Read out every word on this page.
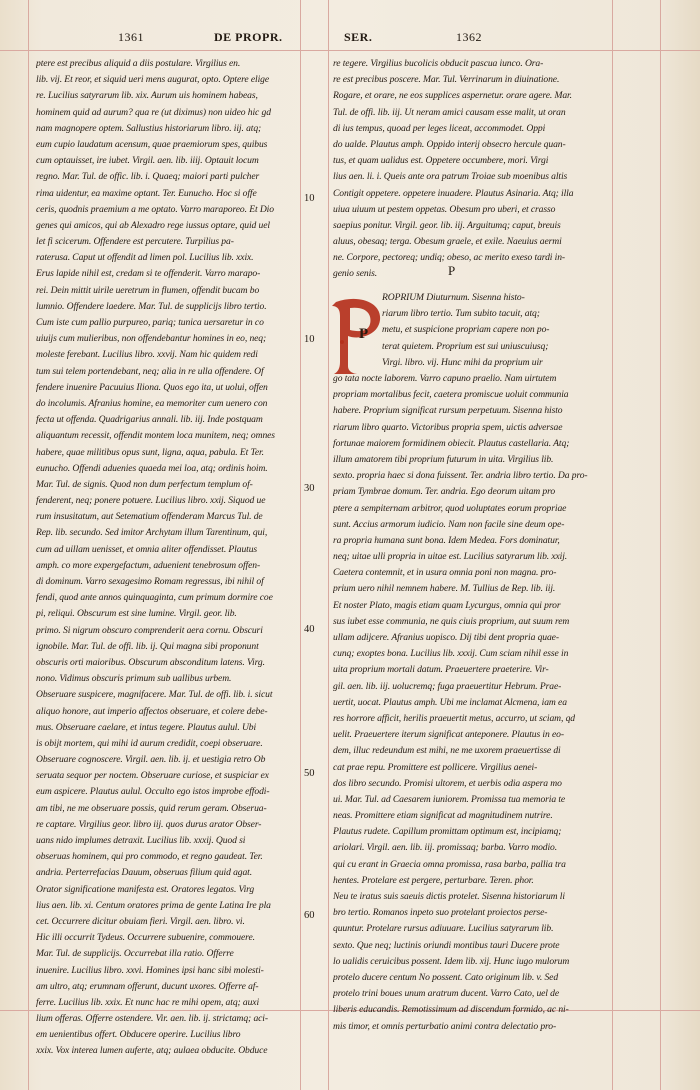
1361	DE PROPR.	SER.	1362
10
10
30
40
50
60
ptere est precibus aliquid a diis postulare. Virgilius en.
lib. vij. Et reor, et siquid ueri mens augurat, opto. Optere elige
re. Lucilius satyrarum lib. xix. Aurum uis hominem habeas,
hominem quid ad aurum? qua re (ut diximus) non uideo hic gd
nam magnopere optem. Sallustius historiarum libro. iij. atq;
eum cupio laudatum acensum, quae praemiorum spes, quibus
cum optauisset, ire iubet. Virgil. aen. lib. iiij. Optauit locum
regno. Mar. Tul. de offic. lib. i. Quaeq; maiori parti pulcher
rima uidentur, ea maxime optant. Ter. Eunucho. Hoc si offe
ceris, quodnis praemium a me optato. Varro maraporeo. Et Dio
genes qui amicos, qui ab Alexadro rege iussus optare, quid uel
let fi scicerum. Offendere est percutere. Turpilius pa-
raterusa. Caput ut offendit ad limen pol. Lucilius lib. xxix.
Erus lapide nihil est, credam si te offenderit. Varro marapo-
rei. Dein mittit uirile ueretrum in flumen, offendit bucam bo
lumnio. Offendere laedere. Mar. Tul. de supplicijs libro tertio.
Cum iste cum pallio purpureo, pariq; tunica uersaretur in co
uiuijs cum mulieribus, non offendebantur homines in eo, neq;
moleste ferebant. Lucilius libro. xxvij. Nam hic quidem redi
tum sui telem portendebant, neq; alia in re ulla offendere. Of
fendere inuenire Pacuuius Iliona. Quos ego ita, ut uolui, offen
do incolumis. Afranius homine, ea memoriter cum uenero con
fecta ut offenda. Quadrigarius annali. lib. iij. Inde postquam
aliquantum recessit, offendit montem loca munitem, neq; omnes
habere, quae militibus opus sunt, ligna, aqua, pabula. Et Ter.
eunucho. Offendi aduenies quaeda mei loa, atq; ordinis hoim.
Mar. Tul. de signis. Quod non dum perfectum templum of-
fenderent, neq; ponere potuere. Lucilius libro. xxij. Siquod ue
rum insusitatum, aut Setematium offenderam Marcus Tul. de
Rep. lib. secundo. Sed imitor Archytam illum Tarentinum, qui,
cum ad uillam uenisset, et omnia aliter offendisset. Plautus
amph. co more expergefactum, aduenient tenebrosum offen-
di dominum. Varro sexagesimo Romam regressus, ibi nihil of
fendi, quod ante annos quinquaginta, cum primum dormire coe
pi, reliqui. Obscurum est sine lumine. Virgil. geor. lib.
primo. Si nigrum obscuro comprenderit aera cornu. Obscuri
ignobile. Mar. Tul. de offi. lib. ij. Qui magna sibi proponunt
obscuris orti maioribus. Obscurum absconditum latens. Virg.
nono. Vidimus obscuris primum sub uallibus urbem.
Obseruare suspicere, magnifacere. Mar. Tul. de offi. lib. i. sicut
aliquo honore, aut imperio affectos obseruare, et colere debe-
mus. Obseruare caelare, et intus tegere. Plautus aulul. Ubi
is obijt mortem, qui mihi id aurum credidit, coepi obseruare.
Obseruare cognoscere. Virgil. aen. lib. ij. et uestigia retro Ob
seruata sequor per noctem. Obseruare curiose, et suspiciar ex
eum aspicere. Plautus aulul. Occulto ego istos improbe effodi-
am tibi, ne me obseruare possis, quid rerum geram. Obserua-
re captare. Virgilius geor. libro iij. quos durus arator Obser-
uans nido implumes detraxit. Lucilius lib. xxxij. Quod si
obseruas hominem, qui pro commodo, et regno gaudeat. Ter.
andria. Perterrefacias Dauum, obseruas filium quid agat.
Orator significatione manifesta est. Oratores legatos. Virg
lius aen. lib. xi. Centum oratores prima de gente Latina Ire pla
cet. Occurrere dicitur obuiam fieri. Virgil. aen. libro. vi.
Hic illi occurrit Tydeus. Occurrere subuenire, commouere.
Mar. Tul. de supplicijs. Occurrebat illa ratio. Offerre
inuenire. Lucilius libro. xxvi. Homines ipsi hanc sibi molesti-
am ultro, atq; erumnam offerunt, ducunt uxores. Offerre af-
ferre. Lucilius lib. xxix. Et nunc hac re mihi opem, atq; auxi
lium offeras. Offerre ostendere. Vir. aen. lib. ij. strictamq; aci-
em uenientibus offert. Obducere operire. Lucilius libro
xxix. Vox interea lumen auferte, atq; aulaea obducite. Obduce
re tegere. Virgilius bucolicis obducit pascua iunco. Ora-
re est precibus poscere. Mar. Tul. Verrinarum in diuinatione.
Rogare, et orare, ne eos supplices aspernetur. orare agere. Mar.
Tul. de offi. lib. iij. Ut neram amici causam esse malit, ut oran
di ius tempus, quoad per leges liceat, accommodet. Oppi
do ualde. Plautus amph. Oppido interij obsecro hercule quan-
tus, et quam ualidus est. Oppetere occumbere, mori. Virgi
lius aen. li. i. Queis ante ora patrum Troiae sub moenibus altis
Contigit oppetere. oppetere inuadere. Plautus Asinaria. Atq; illa
uiua uiuum ut pestem oppetas. Obesum pro uberi, et crasso
saepius ponitur. Virgil. geor. lib. iij. Arguitumq; caput, breuis
aluus, obesaq; terga. Obesum graele, et exile. Naeuius aermi
ne. Corpore, pectoreq; undiq; obeso, ac merito exeso tardi in-
genio senis.	P
P
ROPRIUM Diuturnum. Sisenna histo-
riarum libro tertio. Tum subito tacuit, atq;
metu, et suspicione propriam capere non po-
terat quietem. Proprium est sui uniuscuiusq;
Virgi. libro. vij. Hunc mihi da proprium uir
go tata nocte laborem. Varro capuno praelio. Nam uirtutem
propriam mortalibus fecit, caetera promiscue uoluit communia
habere. Proprium significat rursum perpetuum. Sisenna histo
riarum libro quarto. Victoribus propria spem, uictis adversae
fortunae maiorem formidinem obiecit. Plautus castellaria. Atq;
illum amatorem tibi proprium futurum in uita. Virgilius lib.
sexto. propria haec si dona fuissent. Ter. andria libro tertio. Da pro-
priam Tymbrae domum. Ter. andria. Ego deorum uitam pro
ptere a sempiternam arbitror, quod uoluptates eorum propriae
sunt. Accius armorum iudicio. Nam non facile sine deum ope-
ra propria humana sunt bona. Idem Medea. Fors dominatur,
neq; uitae ulli propria in uitae est. Lucilius satyrarum lib. xxij.
Caetera contemnit, et in usura omnia poni non magna. pro-
prium uero nihil nemnem habere. M. Tullius de Rep. lib. iij.
Et noster Plato, magis etiam quam Lycurgus, omnia qui pror
sus iubet esse communia, ne quis ciuis proprium, aut suum rem
ullam adijcere. Afranius uopisco. Dij tibi dent propria quae-
cunq; exoptes bona. Lucilius lib. xxxij. Cum sciam nihil esse in
uita proprium mortali datum. Praeuertere praeterire. Vir-
gil. aen. lib. iij. uolucremq; fuga praeuertitur Hebrum. Prae-
uertit, uocat. Plautus amph. Ubi me inclamat Alcmena, iam ea
res horrore afficit, herilis praeuertit metus, accurro, ut sciam, qd
uelit. Praeuertere iterum significat anteponere. Plautus in eo-
dem, illuc redeundum est mihi, ne me uxorem praeuertisse di
cat prae repu. Promittere est pollicere. Virgilius aenei-
dos libro secundo. Promisi ultorem, et uerbis odia aspera mo
ui. Mar. Tul. ad Caesarem iuniorem. Promissa tua memoria te
neas. Promittere etiam significat ad magnitudinem nutrire.
Plautus rudete. Capillum promittam optimum est, incipiamq;
ariolari. Virgil. aen. lib. iij. promissaq; barba. Varro modio.
qui cu erant in Graecia omna promissa, rasa barba, pallia tra
hentes. Protelare est pergere, perturbare. Teren. phor.
Neu te iratus suis saeuis dictis protelet. Sisenna historiarum li
bro tertio. Romanos inpeto suo protelant proiectos perse-
quuntur. Protelare rursus adiuuare. Lucilius satyrarum lib.
sexto. Que neq; luctinis oriundi montibus tauri Ducere prote
lo ualidis ceruicibus possent. Idem lib. xij. Hunc iugo mulorum
protelo ducere centum No possent. Cato originum lib. v. Sed
protelo trini boues unum aratrum ducent. Varro Cato, uel de
liberis educandis. Remotissimum ad discendum formido, ac ni-
mis timor, et omnis perturbatio animi contra delectatio pro-
